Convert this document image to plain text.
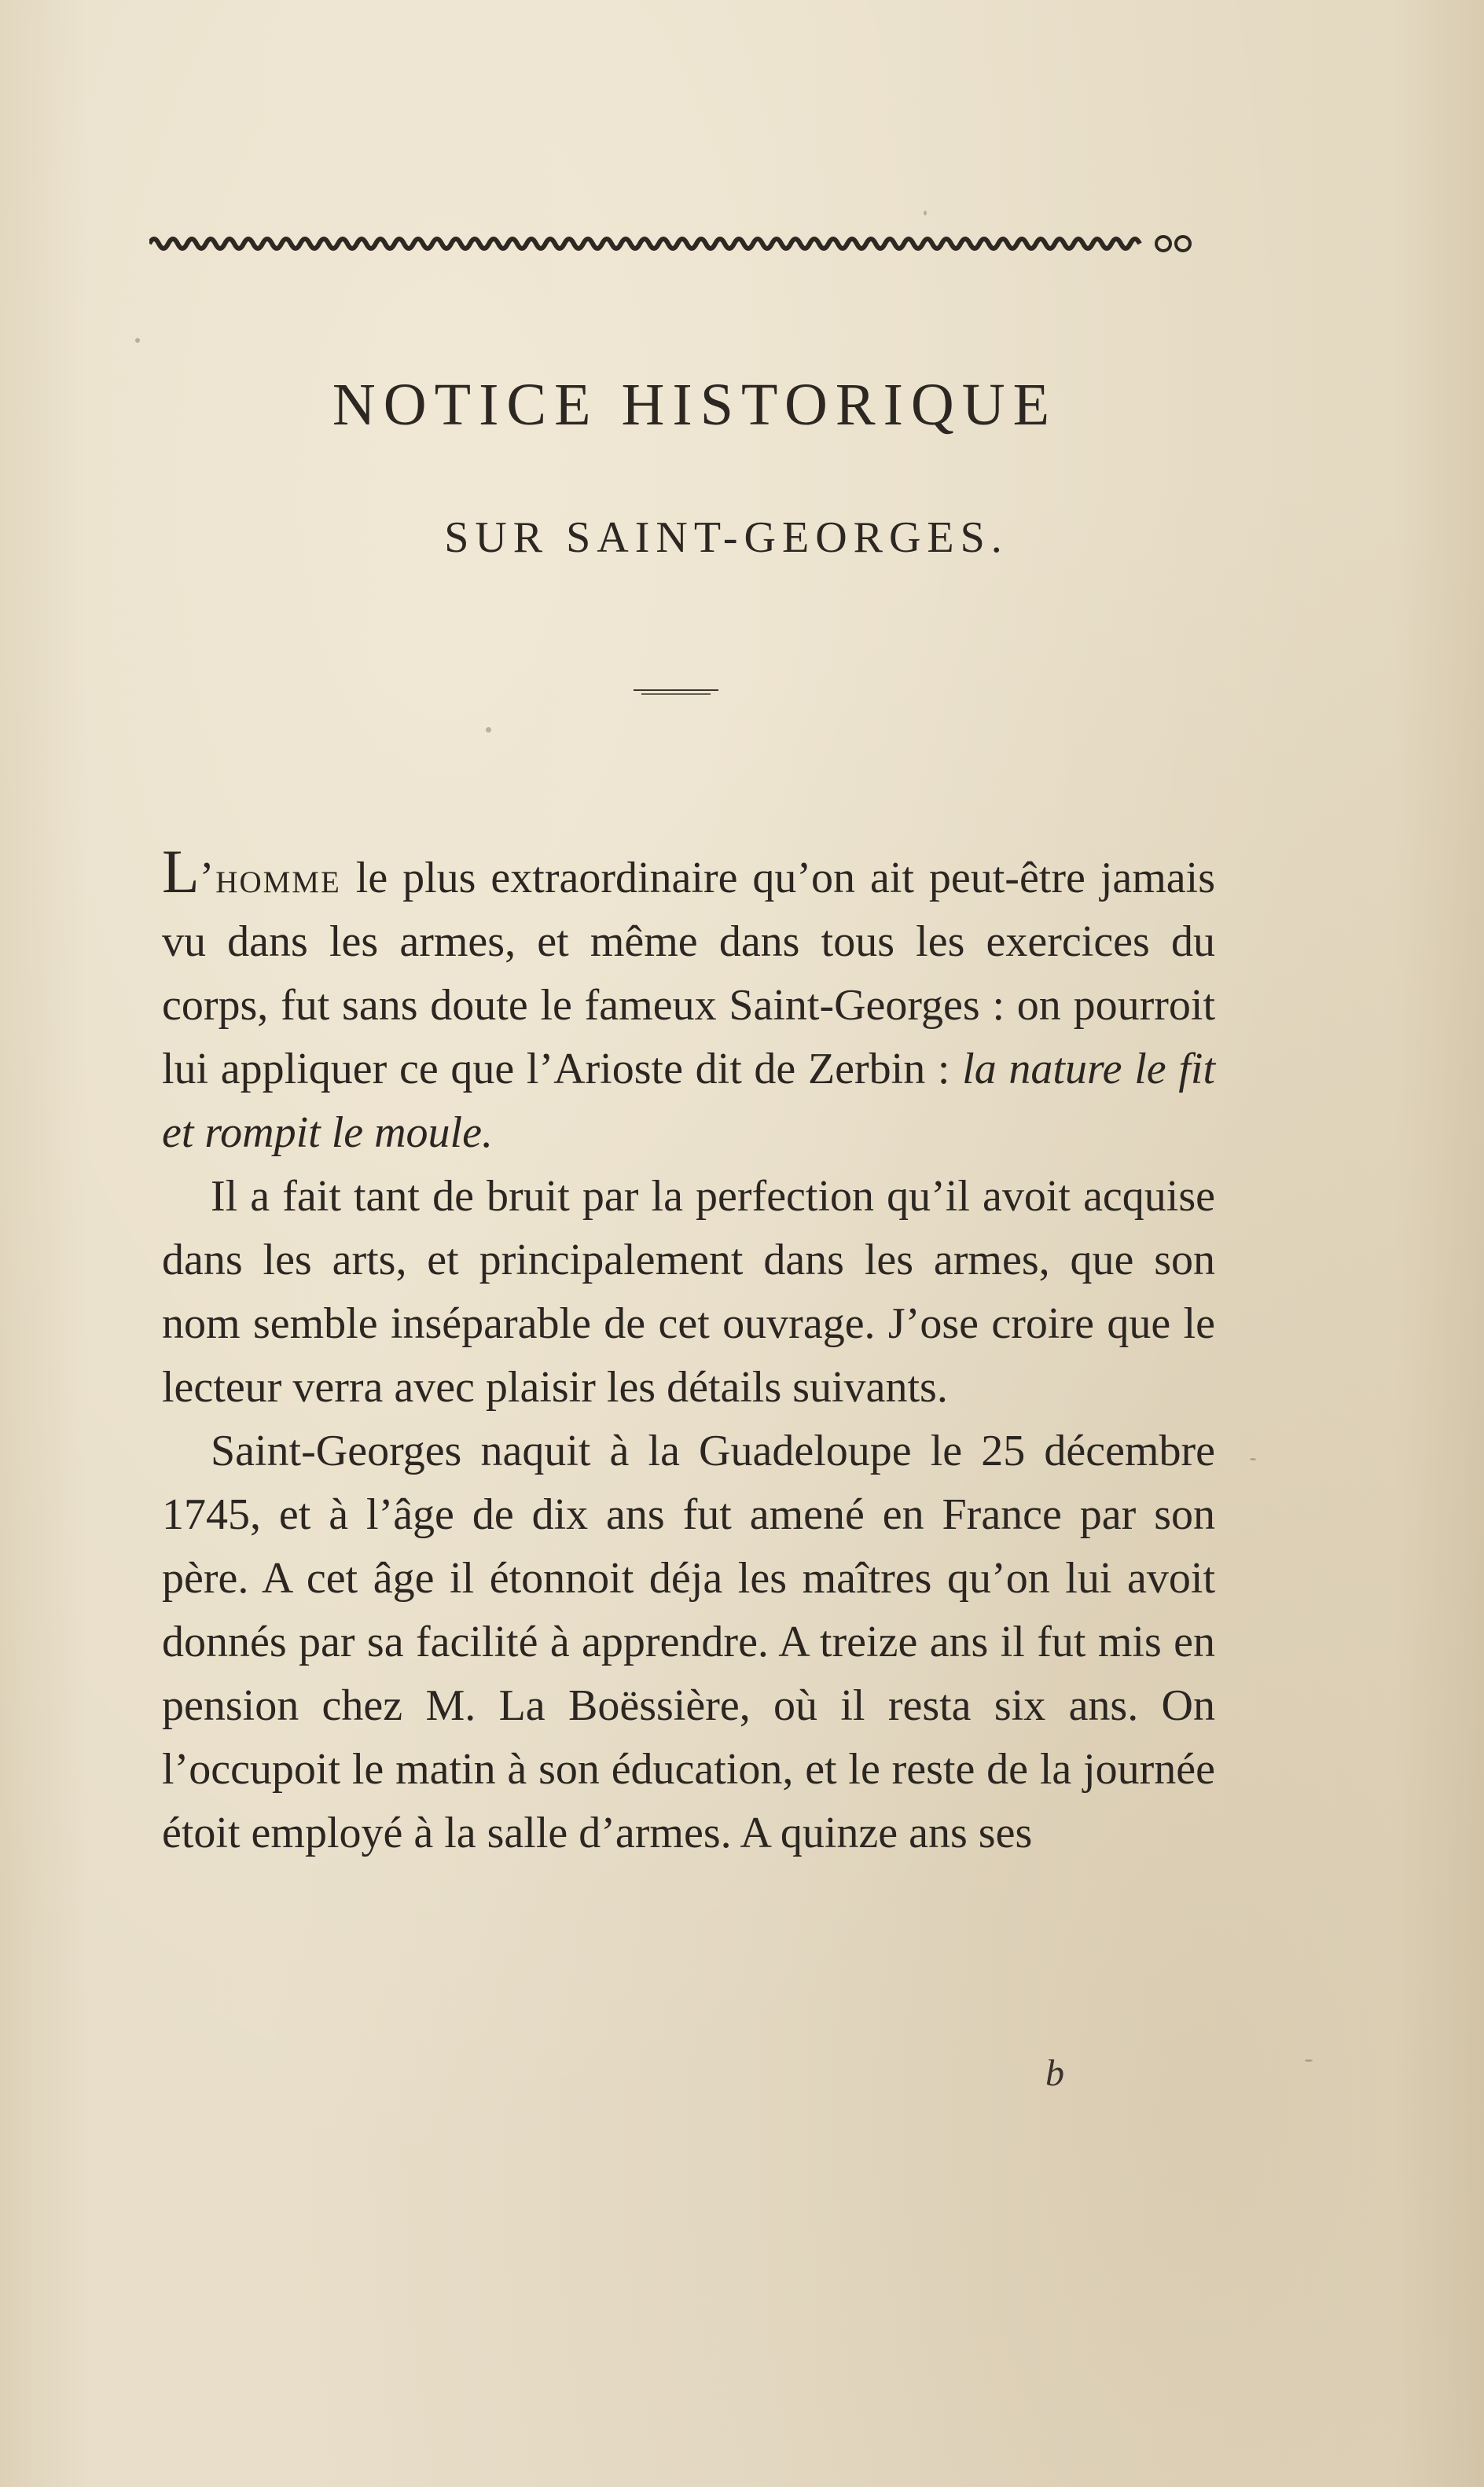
NOTICE HISTORIQUE
SUR SAINT-GEORGES.

L’homme le plus extraordinaire qu’on ait peut-être jamais vu dans les armes, et même dans tous les exercices du corps, fut sans doute le fameux Saint-Georges : on pourroit lui appliquer ce que l’Arioste dit de Zerbin : la nature le fit et rompit le moule.

Il a fait tant de bruit par la perfection qu’il avoit acquise dans les arts, et principalement dans les armes, que son nom semble inséparable de cet ouvrage. J’ose croire que le lecteur verra avec plaisir les détails suivants.

Saint-Georges naquit à la Guadeloupe le 25 décembre 1745, et à l’âge de dix ans fut amené en France par son père. A cet âge il étonnoit déja les maîtres qu’on lui avoit donnés par sa facilité à apprendre. A treize ans il fut mis en pension chez M. La Boëssière, où il resta six ans. On l’occupoit le matin à son éducation, et le reste de la journée étoit employé à la salle d’armes. A quinze ans ses

b
